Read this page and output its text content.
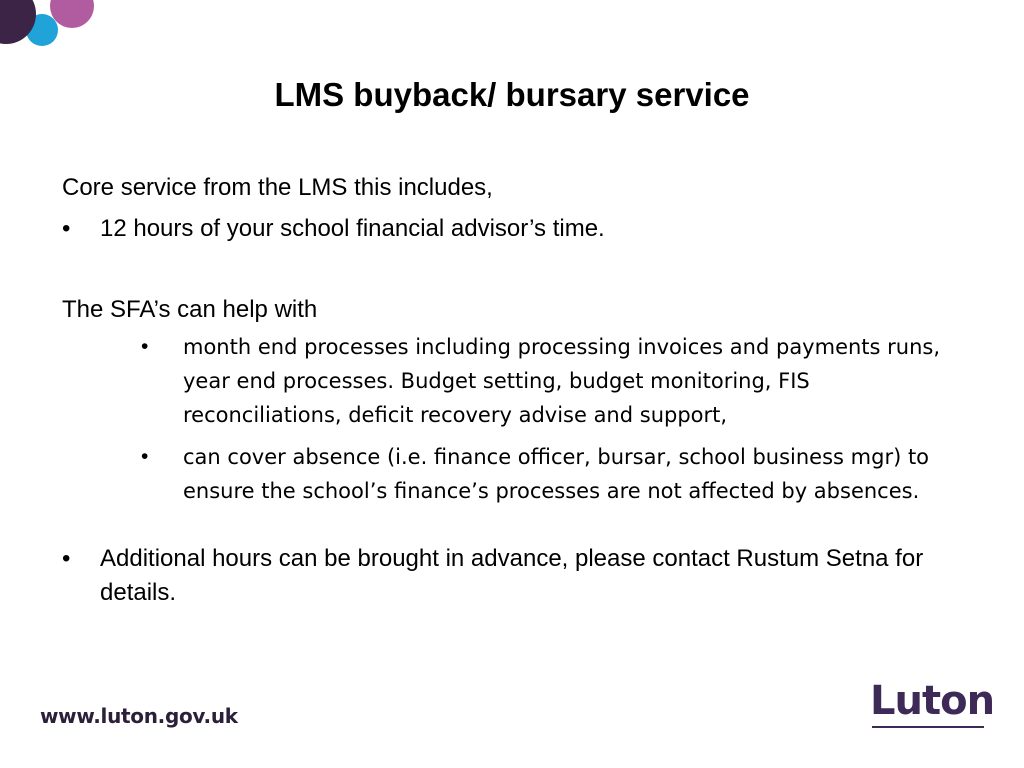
LMS buyback/ bursary service

Core service from the LMS this includes,

• 12 hours of your school financial advisor’s time.

The SFA’s can help with

• month end processes including processing invoices and payments runs, year end processes. Budget setting, budget monitoring, FIS reconciliations, deficit recovery advise and support,
• can cover absence (i.e. finance officer, bursar, school business mgr) to ensure the school’s finance’s processes are not affected by absences.

• Additional hours can be brought in advance, please contact Rustum Setna for details.

www.luton.gov.uk	Luton
